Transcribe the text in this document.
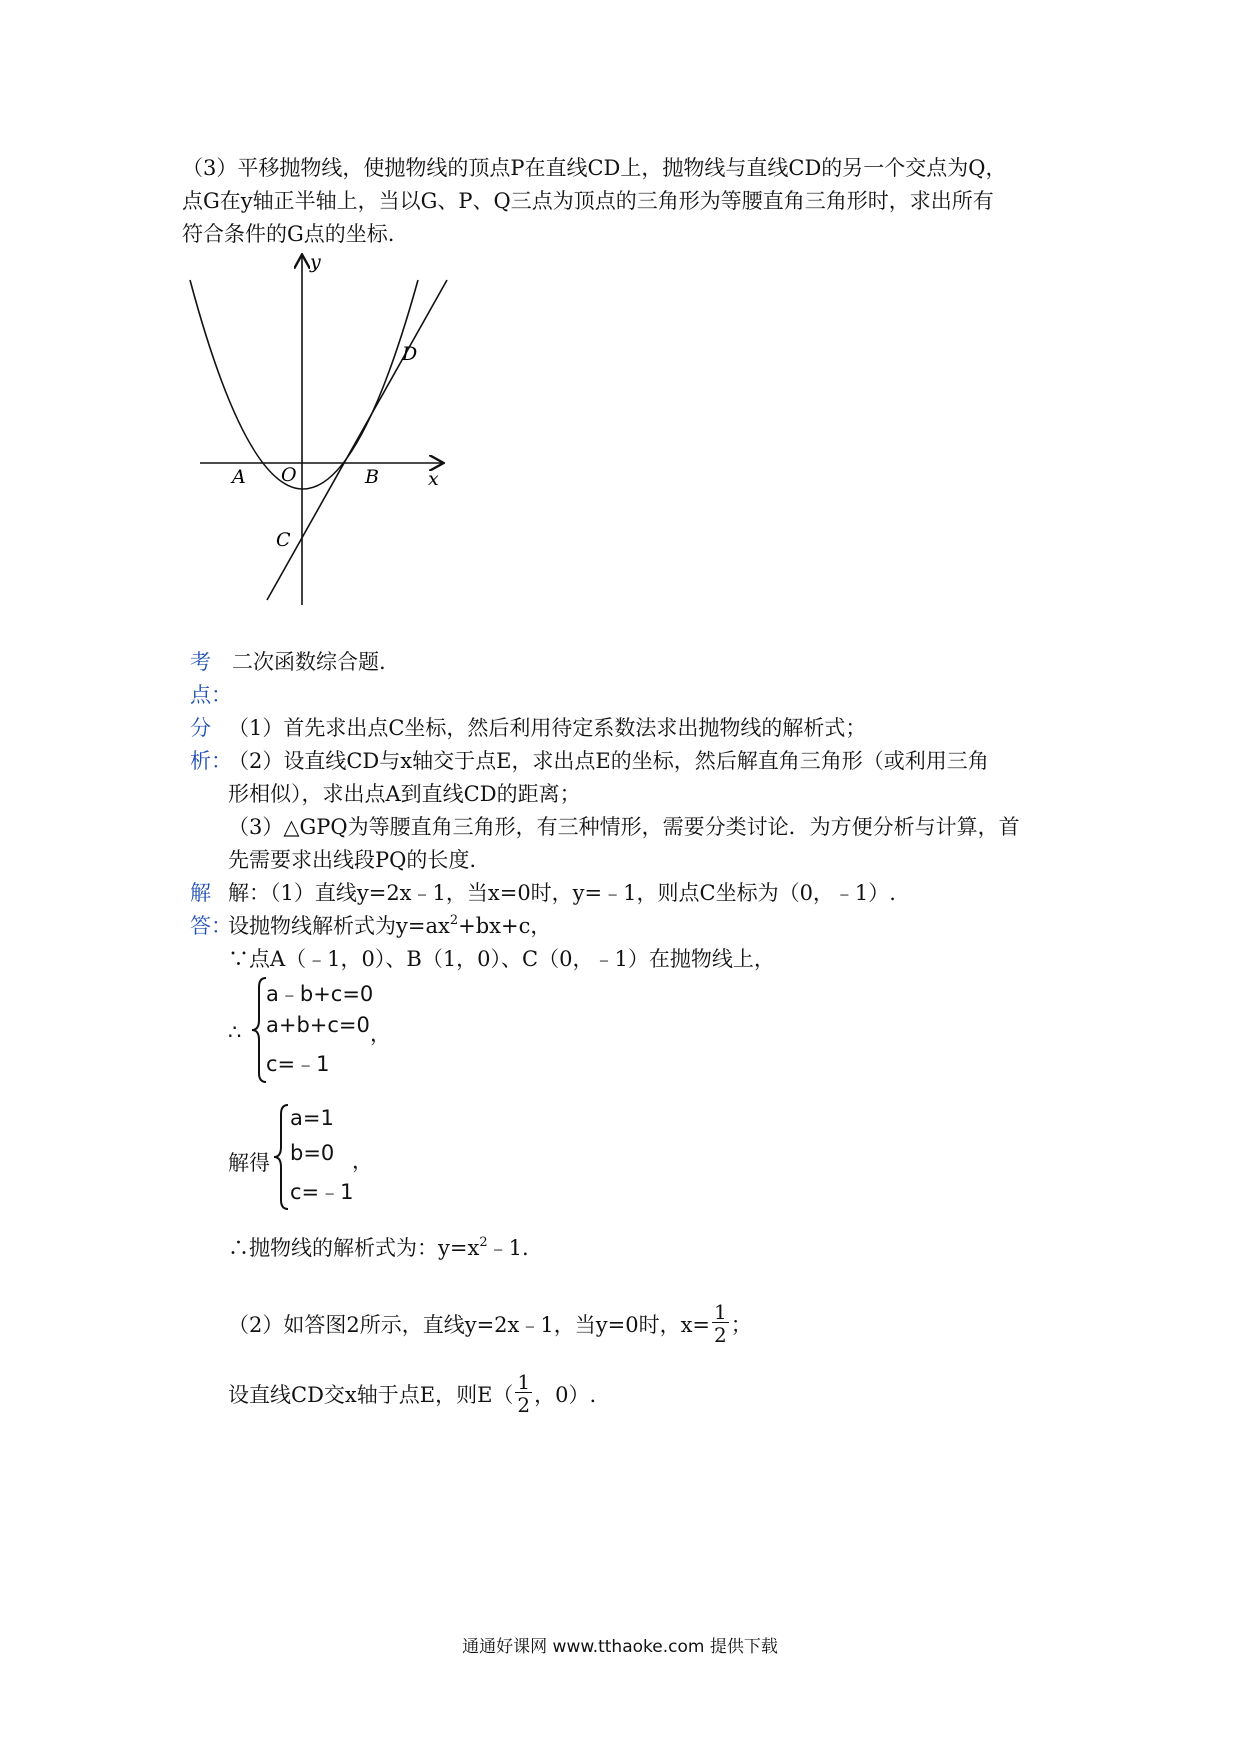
（3）平移抛物线，使抛物线的顶点P在直线CD上，抛物线与直线CD的另一个交点为Q，
点G在y轴正半轴上，当以G、P、Q三点为顶点的三角形为等腰直角三角形时，求出所有
符合条件的G点的坐标.
y
x
A O	B
C
D
考
点：
二次函数综合题.
分
析：
（1）首先求出点C坐标，然后利用待定系数法求出抛物线的解析式；
（2）设直线CD与x轴交于点E，求出点E的坐标，然后解直角三角形（或利用三角
形相似），求出点A到直线CD的距离；
（3）△GPQ为等腰直角三角形，有三种情形，需要分类讨论．为方便分析与计算，首
先需要求出线段PQ的长度.
解
答：
解：（1）直线y=2x﹣1，当x=0时，y=﹣1，则点C坐标为（0，﹣1）.
设抛物线解析式为$y=ax^2+bx+c$，
∵点A（﹣1，0）、B（1，0）、C（0，﹣1）在抛物线上，
∴
a﹣b+c=0
a+b+c=0
c=﹣1
，
解得
a=1
b=0
c=﹣1
，
∴抛物线的解析式为：$y=x^2﹣1$.
（2）如答图2所示，直线y=2x﹣1，当y=0时，$x= \frac{1}{2}$ ；
设直线CD交x轴于点E，则$E( \frac{1}{2}$ ，0）.
通通好课网 www.tthaoke.com 提供下载
